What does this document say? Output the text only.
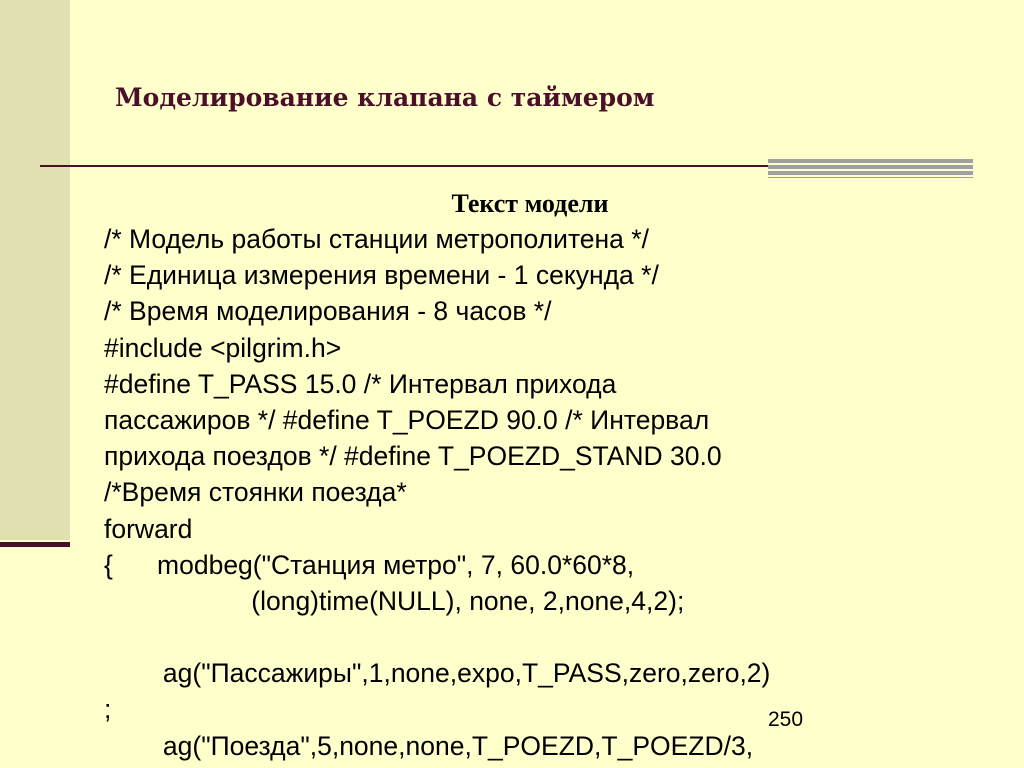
Моделирование клапана с таймером
Текст модели
/* Модель работы станции метрополитена */
/* Единица измерения времени - 1 секунда */
/* Время моделирования - 8 часов */
#include <pilgrim.h>
#define T_PASS 15.0 /* Интервал прихода
пассажиров */ #define T_POEZD 90.0 /* Интервал
прихода поездов */ #define T_POEZD_STAND 30.0
/*Время стоянки поезда*
forward
{      modbeg("Станция метро", 7, 60.0*60*8,
(long)time(NULL), none, 2,none,4,2);
ag("Пассажиры",1,none,expo,T_PASS,zero,zero,2)
;
ag("Поезда",5,none,none,T_POEZD,T_POEZD/3,
250
